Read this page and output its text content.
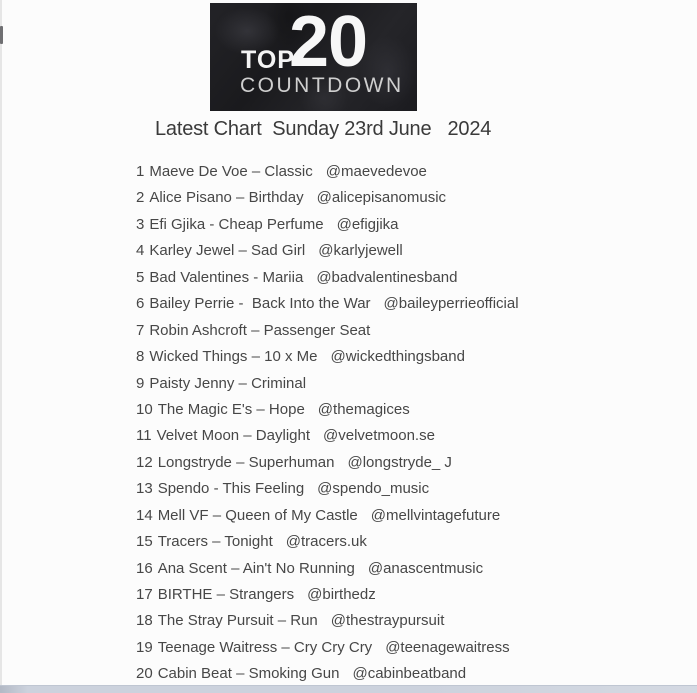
TOP
20
COUNTDOWN
Latest Chart  Sunday 23rd June   2024
1 Maeve De Voe – Classic @maevedevoe
2 Alice Pisano – Birthday @alicepisanomusic
3 Efi Gjika - Cheap Perfume @efigjika
4 Karley Jewel – Sad Girl @karlyjewell
5 Bad Valentines - Mariia @badvalentinesband
6 Bailey Perrie -  Back Into the War @baileyperrieofficial
7 Robin Ashcroft – Passenger Seat
8 Wicked Things – 10 x Me @wickedthingsband
9 Paisty Jenny – Criminal
10 The Magic E's – Hope @themagices
11 Velvet Moon – Daylight @velvetmoon.se
12 Longstryde – Superhuman @longstryde_ J
13 Spendo - This Feeling @spendo_music
14 Mell VF – Queen of My Castle @mellvintagefuture
15 Tracers – Tonight @tracers.uk
16 Ana Scent – Ain't No Running @anascentmusic
17 BIRTHE – Strangers @birthedz
18 The Stray Pursuit – Run @thestraypursuit
19 Teenage Waitress – Cry Cry Cry @teenagewaitress
20 Cabin Beat – Smoking Gun @cabinbeatband
